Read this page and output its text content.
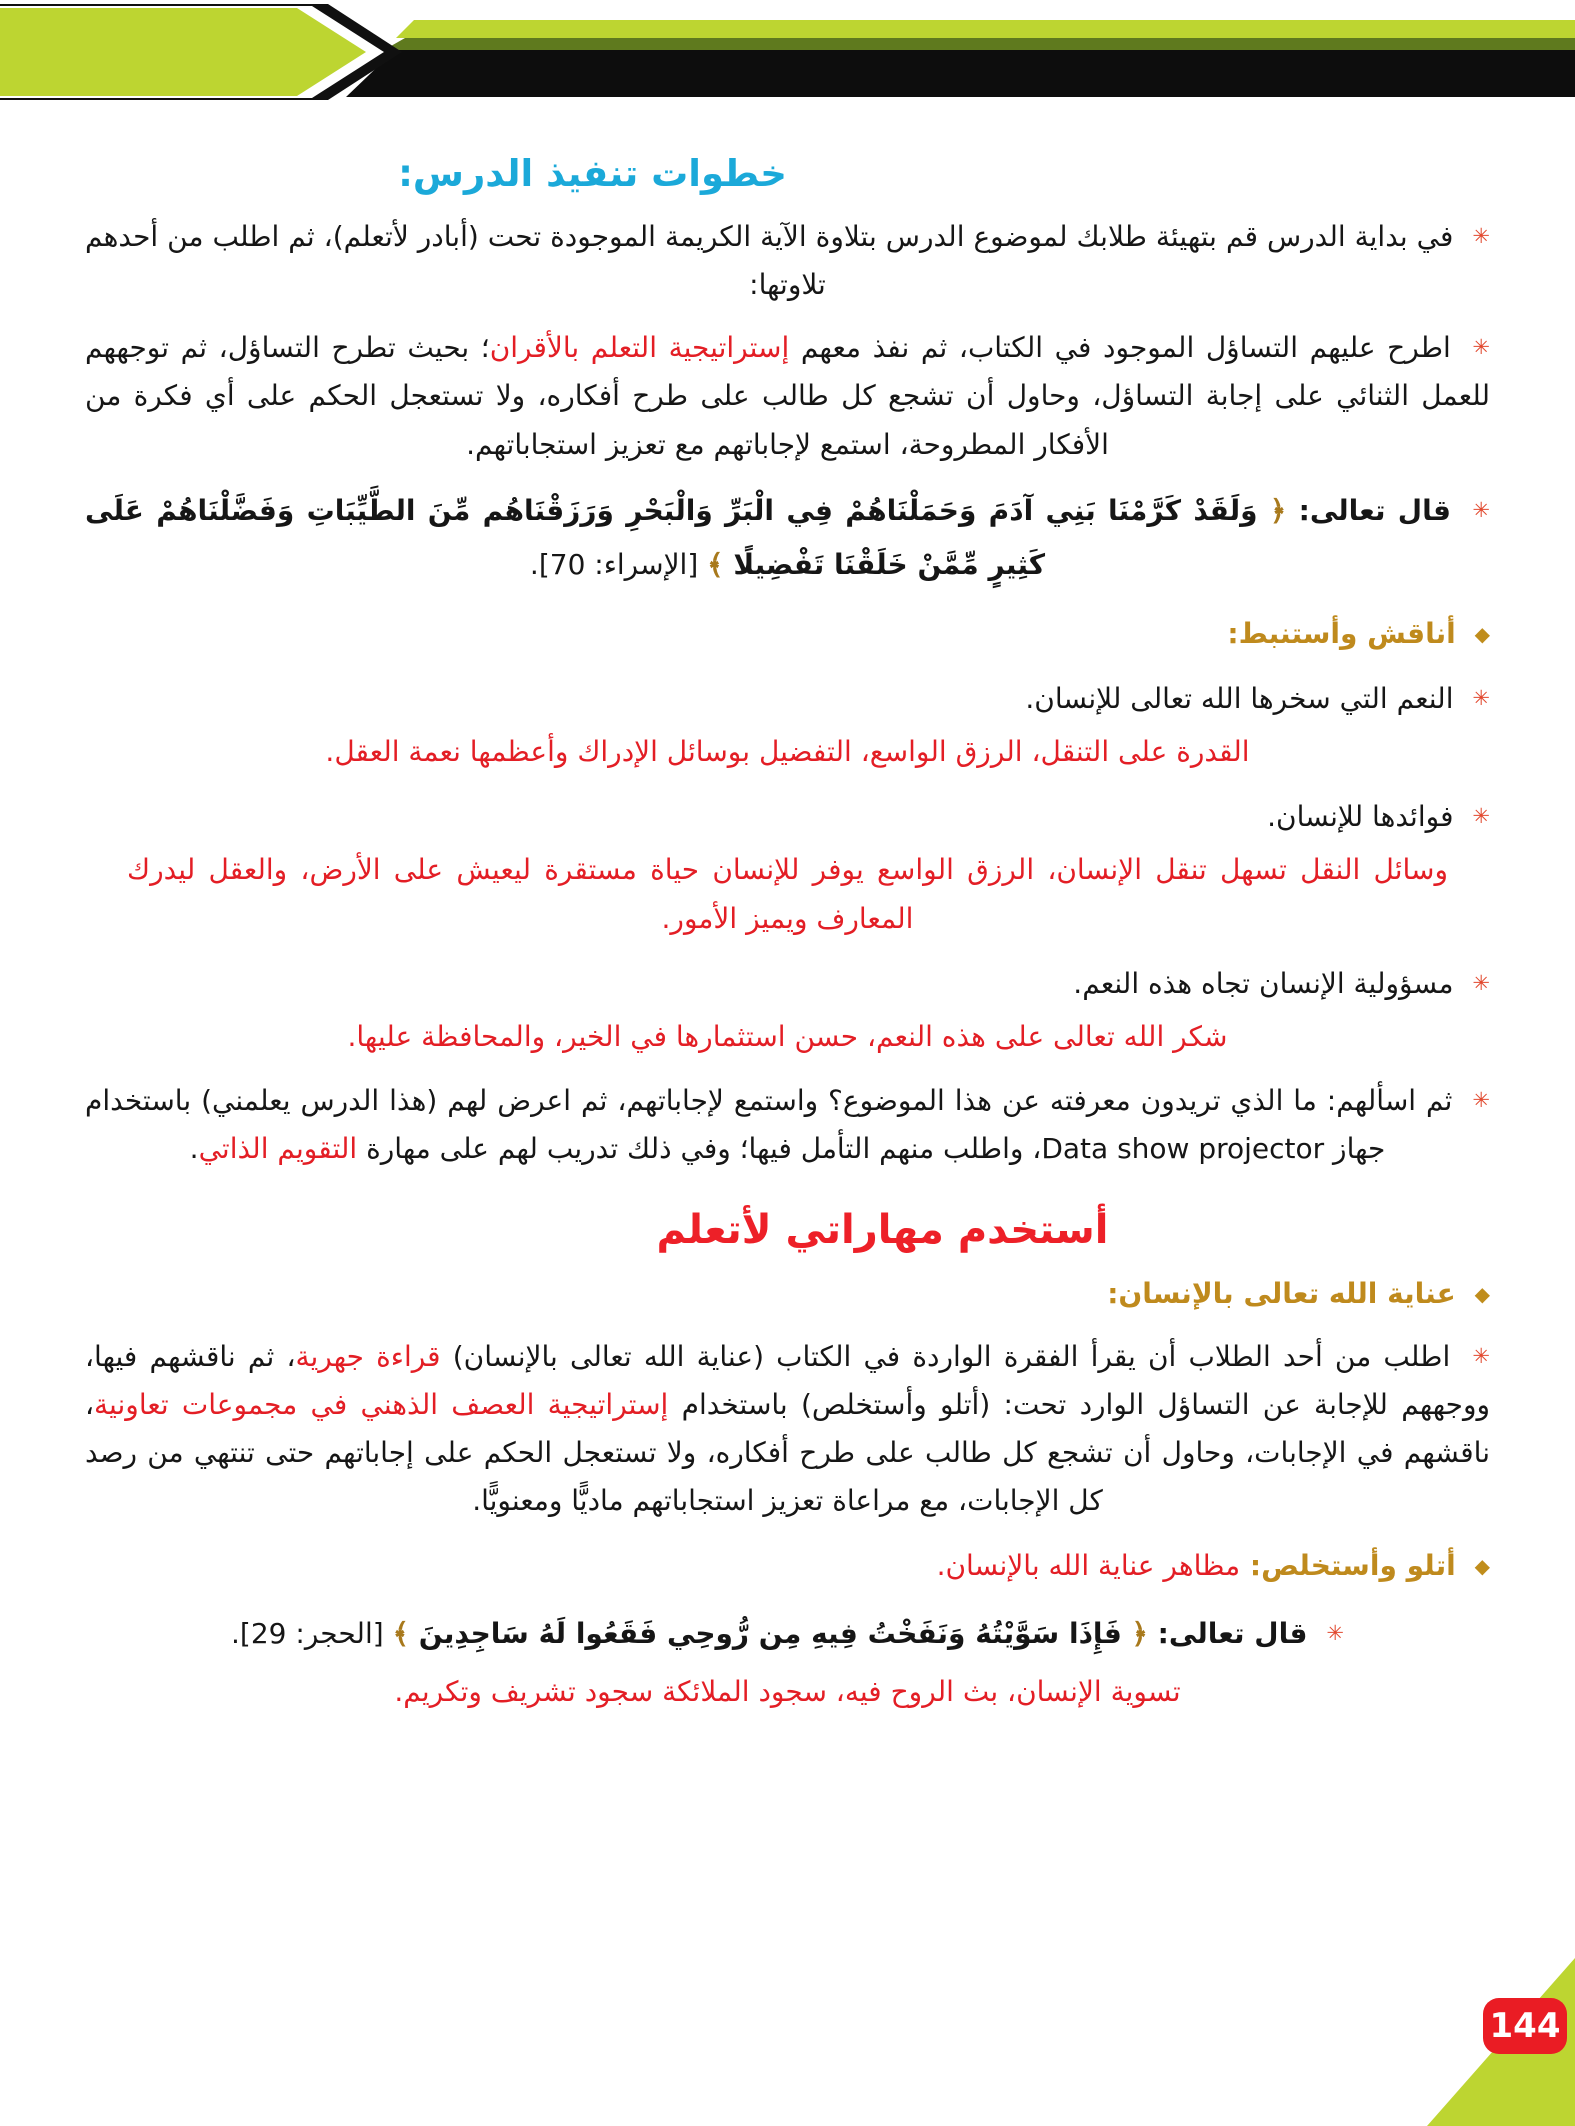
خطوات تنفيذ الدرس:

✳︎ في بداية الدرس قم بتهيئة طلابك لموضوع الدرس بتلاوة الآية الكريمة الموجودة تحت (أبادر لأتعلم)، ثم اطلب من أحدهم تلاوتها:

✳︎ اطرح عليهم التساؤل الموجود في الكتاب، ثم نفذ معهم إستراتيجية التعلم بالأقران؛ بحيث تطرح التساؤل، ثم توجههم للعمل الثنائي على إجابة التساؤل، وحاول أن تشجع كل طالب على طرح أفكاره، ولا تستعجل الحكم على أي فكرة من الأفكار المطروحة، استمع لإجاباتهم مع تعزيز استجاباتهم.

✳︎ قال تعالى: ﴿ وَلَقَدْ كَرَّمْنَا بَنِي آدَمَ وَحَمَلْنَاهُمْ فِي الْبَرِّ وَالْبَحْرِ وَرَزَقْنَاهُم مِّنَ الطَّيِّبَاتِ وَفَضَّلْنَاهُمْ عَلَى كَثِيرٍ مِّمَّنْ خَلَقْنَا تَفْضِيلًا ﴾ [الإسراء: 70].

◆ أناقش وأستنبط:

✳︎ النعم التي سخرها الله تعالى للإنسان.

القدرة على التنقل، الرزق الواسع، التفضيل بوسائل الإدراك وأعظمها نعمة العقل.

✳︎ فوائدها للإنسان.

وسائل النقل تسهل تنقل الإنسان، الرزق الواسع يوفر للإنسان حياة مستقرة ليعيش على الأرض، والعقل ليدرك المعارف ويميز الأمور.

✳︎ مسؤولية الإنسان تجاه هذه النعم.

شكر الله تعالى على هذه النعم، حسن استثمارها في الخير، والمحافظة عليها.

✳︎ ثم اسألهم: ما الذي تريدون معرفته عن هذا الموضوع؟ واستمع لإجاباتهم، ثم اعرض لهم (هذا الدرس يعلمني) باستخدام جهاز Data show projector، واطلب منهم التأمل فيها؛ وفي ذلك تدريب لهم على مهارة التقويم الذاتي.

أستخدم مهاراتي لأتعلم

◆ عناية الله تعالى بالإنسان:

✳︎ اطلب من أحد الطلاب أن يقرأ الفقرة الواردة في الكتاب (عناية الله تعالى بالإنسان) قراءة جهرية، ثم ناقشهم فيها، ووجههم للإجابة عن التساؤل الوارد تحت: (أتلو وأستخلص) باستخدام إستراتيجية العصف الذهني في مجموعات تعاونية، ناقشهم في الإجابات، وحاول أن تشجع كل طالب على طرح أفكاره، ولا تستعجل الحكم على إجاباتهم حتى تنتهي من رصد كل الإجابات، مع مراعاة تعزيز استجاباتهم ماديًّا ومعنويًّا.

◆ أتلو وأستخلص: مظاهر عناية الله بالإنسان.

✳︎ قال تعالى: ﴿ فَإِذَا سَوَّيْتُهُ وَنَفَخْتُ فِيهِ مِن رُّوحِي فَقَعُوا لَهُ سَاجِدِينَ ﴾ [الحجر: 29].

تسوية الإنسان، بث الروح فيه، سجود الملائكة سجود تشريف وتكريم.

144
